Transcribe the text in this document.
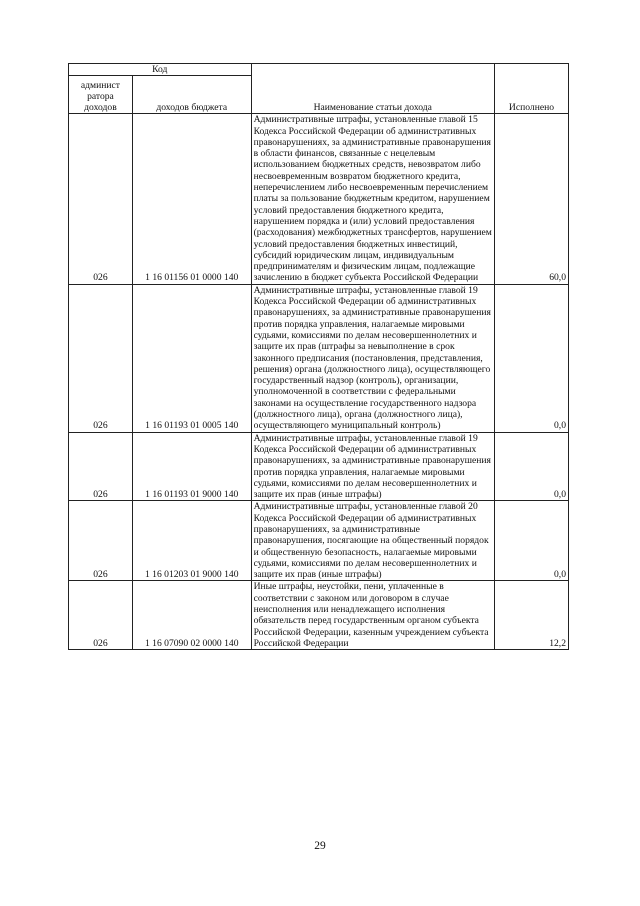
Код		Наименование статьи дохода	Исполнено
админист ратора доходов	доходов бюджета		
026	1 16 01156 01 0000 140	Административные штрафы, установленные главой 15 Кодекса Российской Федерации об административных правонарушениях, за административные правонарушения в области финансов, связанные с нецелевым использованием бюджетных средств, невозвратом либо несвоевременным возвратом бюджетного кредита, неперечислением либо несвоевременным перечислением платы за пользование бюджетным кредитом, нарушением условий предоставления бюджетного кредита, нарушением порядка и (или) условий предоставления (расходования) межбюджетных трансфертов, нарушением условий предоставления бюджетных инвестиций, субсидий юридическим лицам, индивидуальным предпринимателям и физическим лицам, подлежащие зачислению в бюджет субъекта Российской Федерации	60,0
026	1 16 01193 01 0005 140	Административные штрафы, установленные главой 19 Кодекса Российской Федерации об административных правонарушениях, за административные правонарушения против порядка управления, налагаемые мировыми судьями, комиссиями по делам несовершеннолетних и защите их прав (штрафы за невыполнение в срок законного предписания (постановления, представления, решения) органа (должностного лица), осуществляющего государственный надзор (контроль), организации, уполномоченной в соответствии с федеральными законами на осуществление государственного надзора (должностного лица), органа (должностного лица), осуществляющего муниципальный контроль)	0,0
026	1 16 01193 01 9000 140	Административные штрафы, установленные главой 19 Кодекса Российской Федерации об административных правонарушениях, за административные правонарушения против порядка управления, налагаемые мировыми судьями, комиссиями по делам несовершеннолетних и защите их прав (иные штрафы)	0,0
026	1 16 01203 01 9000 140	Административные штрафы, установленные главой 20 Кодекса Российской Федерации об административных правонарушениях, за административные правонарушения, посягающие на общественный порядок и общественную безопасность, налагаемые мировыми судьями, комиссиями по делам несовершеннолетних и защите их прав (иные штрафы)	0,0
026	1 16 07090 02 0000 140	Иные штрафы, неустойки, пени, уплаченные в соответствии с законом или договором в случае неисполнения или ненадлежащего исполнения обязательств перед государственным органом субъекта Российской Федерации, казенным учреждением субъекта Российской Федерации	12,2
29
